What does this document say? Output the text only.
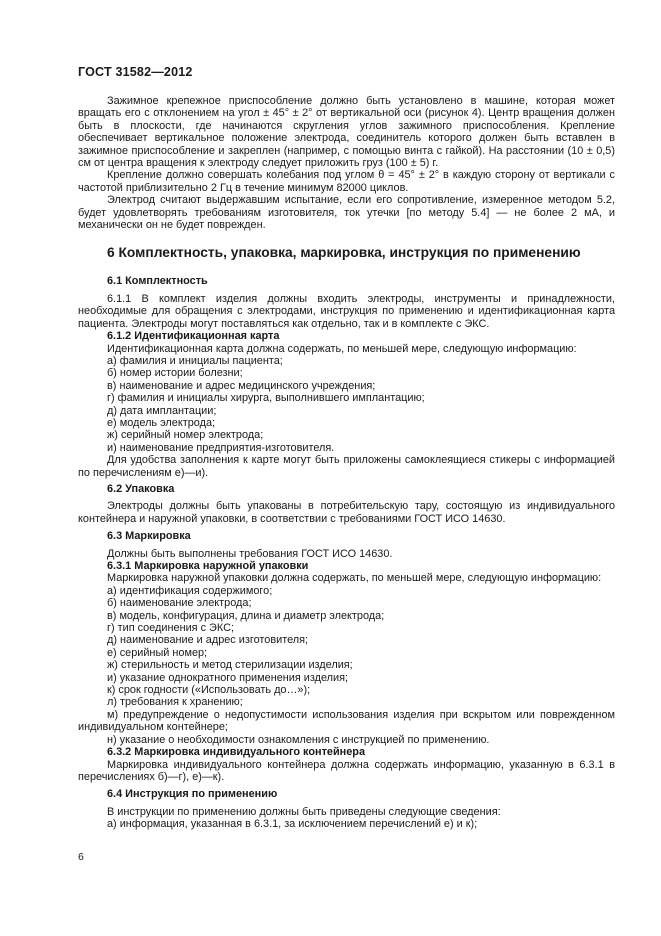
ГОСТ 31582—2012

Зажимное крепежное приспособление должно быть установлено в машине, которая может вращать его с отклонением на угол ± 45° ± 2° от вертикальной оси (рисунок 4). Центр вращения должен быть в плоскости, где начинаются скругления углов зажимного приспособления. Крепление обеспечивает вертикальное положение электрода, соединитель которого должен быть вставлен в зажимное приспособление и закреплен (например, с помощью винта с гайкой). На расстоянии (10 ± 0,5) см от центра вращения к электроду следует приложить груз (100 ± 5) г.

Крепление должно совершать колебания под углом θ = 45° ± 2° в каждую сторону от вертикали с частотой приблизительно 2 Гц в течение минимум 82000 циклов.

Электрод считают выдержавшим испытание, если его сопротивление, измеренное методом 5.2, будет удовлетворять требованиям изготовителя, ток утечки [по методу 5.4] — не более 2 мА, и механически он не будет поврежден.

6 Комплектность, упаковка, маркировка, инструкция по применению

6.1 Комплектность

6.1.1 В комплект изделия должны входить электроды, инструменты и принадлежности, необходимые для обращения с электродами, инструкция по применению и идентификационная карта пациента. Электроды могут поставляться как отдельно, так и в комплекте с ЭКС.

6.1.2 Идентификационная карта

Идентификационная карта должна содержать, по меньшей мере, следующую информацию:

а) фамилия и инициалы пациента;

б) номер истории болезни;

в) наименование и адрес медицинского учреждения;

г) фамилия и инициалы хирурга, выполнившего имплантацию;

д) дата имплантации;

е) модель электрода;

ж) серийный номер электрода;

и) наименование предприятия-изготовителя.

Для удобства заполнения к карте могут быть приложены самоклеящиеся стикеры с информацией по перечислениям е)—и).

6.2 Упаковка

Электроды должны быть упакованы в потребительскую тару, состоящую из индивидуального контейнера и наружной упаковки, в соответствии с требованиями ГОСТ ИСО 14630.

6.3 Маркировка

Должны быть выполнены требования ГОСТ ИСО 14630.

6.3.1 Маркировка наружной упаковки

Маркировка наружной упаковки должна содержать, по меньшей мере, следующую информацию:

а) идентификация содержимого;

б) наименование электрода;

в) модель, конфигурация, длина и диаметр электрода;

г) тип соединения с ЭКС;

д) наименование и адрес изготовителя;

е) серийный номер;

ж) стерильность и метод стерилизации изделия;

и) указание однократного применения изделия;

к) срок годности («Использовать до…»);

л) требования к хранению;

м) предупреждение о недопустимости использования изделия при вскрытом или поврежденном индивидуальном контейнере;

н) указание о необходимости ознакомления с инструкцией по применению.

6.3.2 Маркировка индивидуального контейнера

Маркировка индивидуального контейнера должна содержать информацию, указанную в 6.3.1 в перечислениях б)—г), е)—к).

6.4 Инструкция по применению

В инструкции по применению должны быть приведены следующие сведения:

а) информация, указанная в 6.3.1, за исключением перечислений е) и к);

6
